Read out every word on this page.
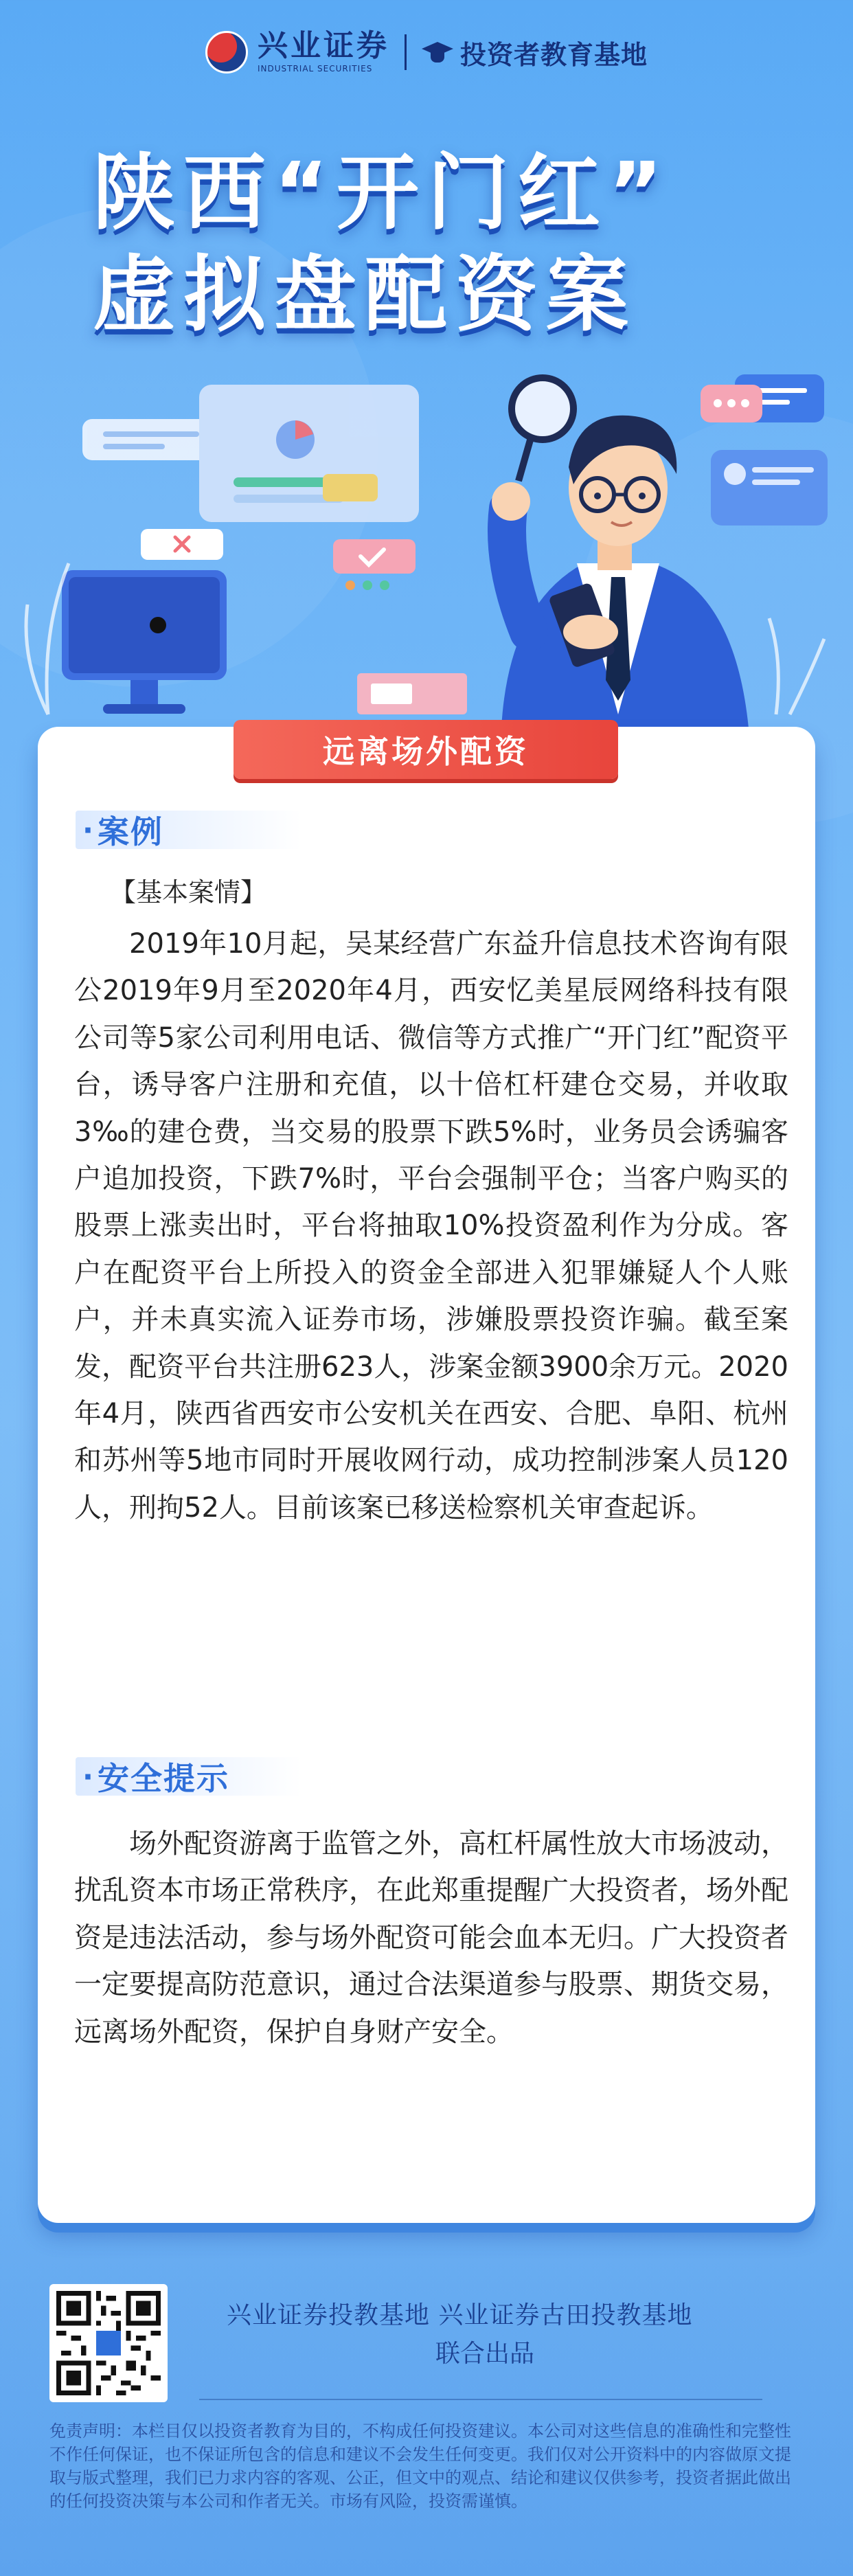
兴业证券
INDUSTRIAL SECURITIES	投资者教育基地
陕西“开门红”
虚拟盘配资案
远离场外配资
· 案例
【基本案情】
2019年10月起，吴某经营广东益升信息技术咨询有限公2019年9月至2020年4月，西安忆美星辰网络科技有限公司等5家公司利用电话、微信等方式推广“开门红”配资平台，诱导客户注册和充值，以十倍杠杆建仓交易，并收取3‰的建仓费，当交易的股票下跌5%时，业务员会诱骗客户追加投资，下跌7%时，平台会强制平仓；当客户购买的股票上涨卖出时，平台将抽取10%投资盈利作为分成。客户在配资平台上所投入的资金全部进入犯罪嫌疑人个人账户，并未真实流入证券市场，涉嫌股票投资诈骗。截至案发，配资平台共注册623人，涉案金额3900余万元。2020年4月，陕西省西安市公安机关在西安、合肥、阜阳、杭州和苏州等5地市同时开展收网行动，成功控制涉案人员120人，刑拘52人。目前该案已移送检察机关审查起诉。
· 安全提示
场外配资游离于监管之外，高杠杆属性放大市场波动，扰乱资本市场正常秩序，在此郑重提醒广大投资者，场外配资是违法活动，参与场外配资可能会血本无归。广大投资者一定要提高防范意识，通过合法渠道参与股票、期货交易，远离场外配资，保护自身财产安全。
兴业证券投教基地 兴业证券古田投教基地
联合出品
免责声明：本栏目仅以投资者教育为目的，不构成任何投资建议。本公司对这些信息的准确性和完整性不作任何保证，也不保证所包含的信息和建议不会发生任何变更。我们仅对公开资料中的内容做原文提取与版式整理，我们已力求内容的客观、公正，但文中的观点、结论和建议仅供参考，投资者据此做出的任何投资决策与本公司和作者无关。市场有风险，投资需谨慎。
